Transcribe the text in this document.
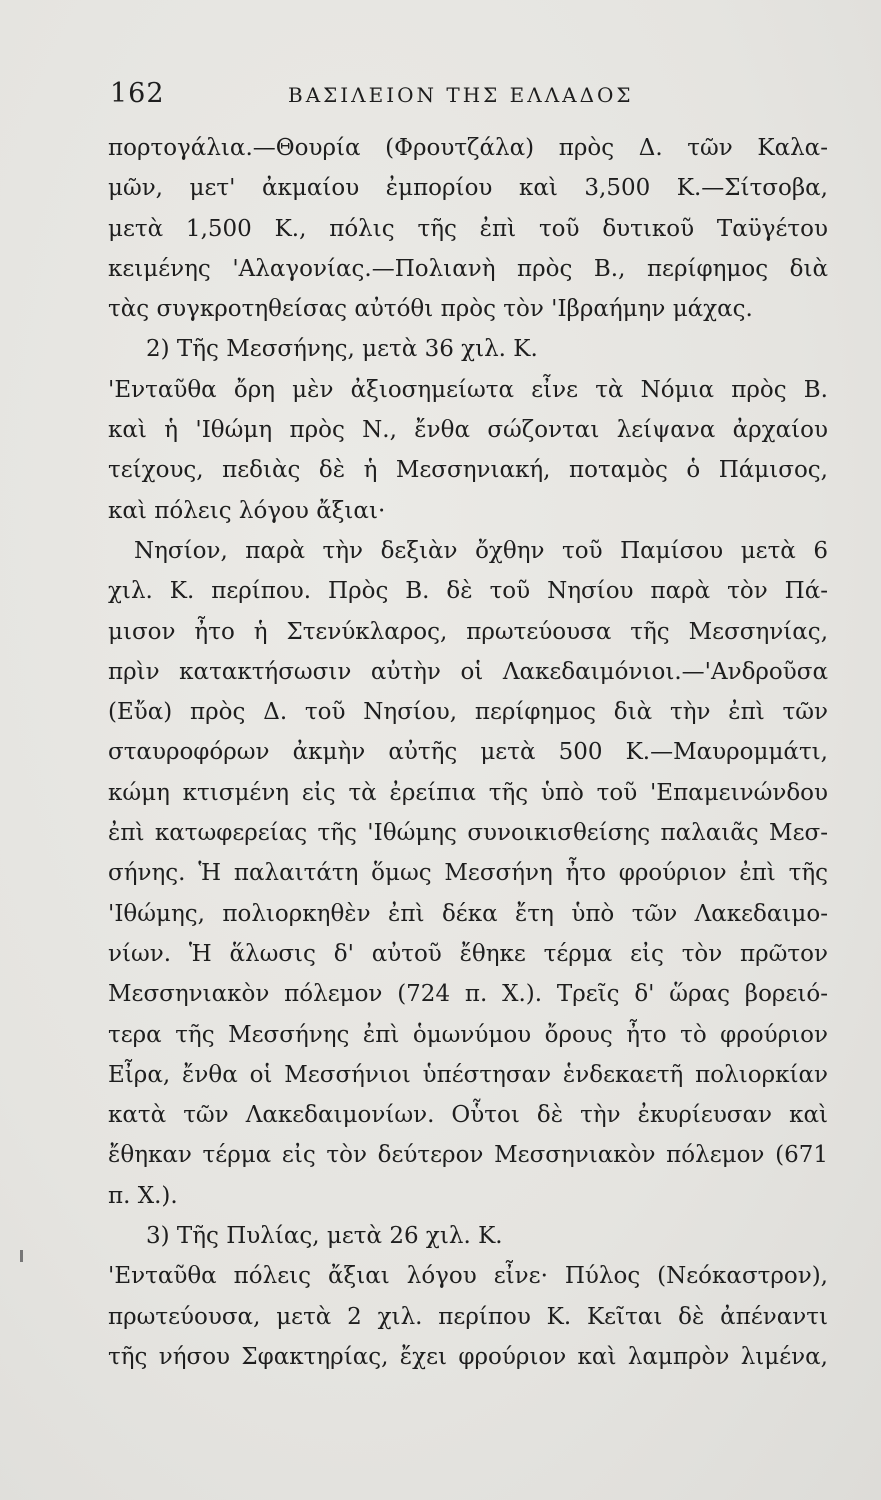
162	ΒΑΣΙΛΕΙΟΝ ΤΗΣ ΕΛΛΑΔΟΣ
πορτογάλια.—Θουρία (Φρουτζάλα) πρὸς Δ. τῶν Καλα-
μῶν, μετ' ἀκμαίου ἐμπορίου καὶ 3,500 Κ.—Σίτσοβα,
μετὰ 1,500 Κ., πόλις τῆς ἐπὶ τοῦ δυτικοῦ Ταϋγέτου
κειμένης 'Αλαγονίας.—Πολιανὴ πρὸς Β., περίφημος διὰ
τὰς συγκροτηθείσας αὐτόθι πρὸς τὸν 'Ιβραήμην μάχας.
2) Τῆς Μεσσήνης, μετὰ 36 χιλ. Κ.
'Ενταῦθα ὄρη μὲν ἀξιοσημείωτα εἶνε τὰ Νόμια πρὸς Β.
καὶ ἡ 'Ιθώμη πρὸς Ν., ἔνθα σώζονται λείψανα ἀρχαίου
τείχους, πεδιὰς δὲ ἡ Μεσσηνιακή, ποταμὸς ὁ Πάμισος,
καὶ πόλεις λόγου ἄξιαι·
Νησίον, παρὰ τὴν δεξιὰν ὄχθην τοῦ Παμίσου μετὰ 6
χιλ. Κ. περίπου. Πρὸς Β. δὲ τοῦ Νησίου παρὰ τὸν Πά-
μισον ἦτο ἡ Στενύκλαρος, πρωτεύουσα τῆς Μεσσηνίας,
πρὶν κατακτήσωσιν αὐτὴν οἱ Λακεδαιμόνιοι.—'Ανδροῦσα
(Εὔα) πρὸς Δ. τοῦ Νησίου, περίφημος διὰ τὴν ἐπὶ τῶν
σταυροφόρων ἀκμὴν αὐτῆς μετὰ 500 Κ.—Μαυρομμάτι,
κώμη κτισμένη εἰς τὰ ἐρείπια τῆς ὑπὸ τοῦ 'Επαμεινώνδου
ἐπὶ κατωφερείας τῆς 'Ιθώμης συνοικισθείσης παλαιᾶς Μεσ-
σήνης. Ἡ παλαιτάτη ὅμως Μεσσήνη ἦτο φρούριον ἐπὶ τῆς
'Ιθώμης, πολιορκηθὲν ἐπὶ δέκα ἔτη ὑπὸ τῶν Λακεδαιμο-
νίων. Ἡ ἅλωσις δ' αὐτοῦ ἔθηκε τέρμα εἰς τὸν πρῶτον
Μεσσηνιακὸν πόλεμον (724 π. Χ.). Τρεῖς δ' ὥρας βορειό-
τερα τῆς Μεσσήνης ἐπὶ ὁμωνύμου ὄρους ἦτο τὸ φρούριον
Εἶρα, ἔνθα οἱ Μεσσήνιοι ὑπέστησαν ἑνδεκαετῆ πολιορκίαν
κατὰ τῶν Λακεδαιμονίων. Οὗτοι δὲ τὴν ἐκυρίευσαν καὶ
ἔθηκαν τέρμα εἰς τὸν δεύτερον Μεσσηνιακὸν πόλεμον (671
π. Χ.).
3) Τῆς Πυλίας, μετὰ 26 χιλ. Κ.
'Ενταῦθα πόλεις ἄξιαι λόγου εἶνε· Πύλος (Νεόκαστρον),
πρωτεύουσα, μετὰ 2 χιλ. περίπου Κ. Κεῖται δὲ ἀπέναντι
τῆς νήσου Σφακτηρίας, ἔχει φρούριον καὶ λαμπρὸν λιμένα,
